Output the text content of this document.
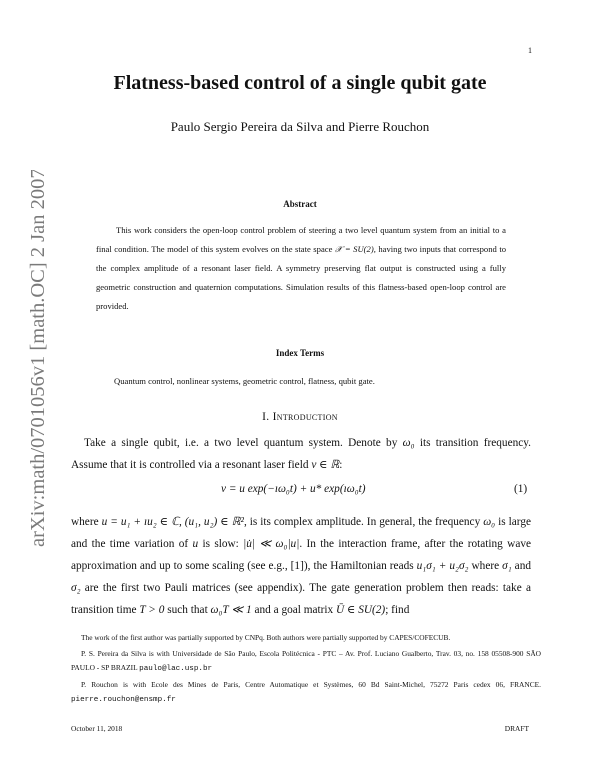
1
arXiv:math/0701056v1 [math.OC] 2 Jan 2007
Flatness-based control of a single qubit gate
Paulo Sergio Pereira da Silva and Pierre Rouchon
Abstract

This work considers the open-loop control problem of steering a two level quantum system from an initial to a final condition. The model of this system evolves on the state space 𝒳 = SU(2), having two inputs that correspond to the complex amplitude of a resonant laser field. A symmetry preserving flat output is constructed using a fully geometric construction and quaternion computations. Simulation results of this flatness-based open-loop control are provided.

Index Terms
Quantum control, nonlinear systems, geometric control, flatness, qubit gate.
I. Introduction

Take a single qubit, i.e. a two level quantum system. Denote by ω₀ its transition frequency. Assume that it is controlled via a resonant laser field v ∈ ℝ:

v = u exp(−ıω₀t) + u* exp(ıω₀t)	(1)

where u = u₁ + ıu₂ ∈ ℂ, (u₁, u₂) ∈ ℝ², is its complex amplitude. In general, the frequency ω₀ is large and the time variation of u is slow: |u̇| ≪ ω₀|u|. In the interaction frame, after the rotating wave approximation and up to some scaling (see e.g., [1]), the Hamiltonian reads u₁σ₁ + u₂σ₂ where σ₁ and σ₂ are the first two Pauli matrices (see appendix). The gate generation problem then reads: take a transition time T > 0 such that ω₀T ≪ 1 and a goal matrix Ū ∈ SU(2); find

The work of the first author was partially supported by CNPq. Both authors were partially supported by CAPES/COFECUB.

P. S. Pereira da Silva is with Universidade de São Paulo, Escola Politécnica - PTC – Av. Prof. Luciano Gualberto, Trav. 03, no. 158 05508-900 SÃO PAULO - SP BRAZIL paulo@lac.usp.br

P. Rouchon is with Ecole des Mines de Paris, Centre Automatique et Systèmes, 60 Bd Saint-Michel, 75272 Paris cedex 06, FRANCE. pierre.rouchon@ensmp.fr

October 11, 2018	DRAFT
